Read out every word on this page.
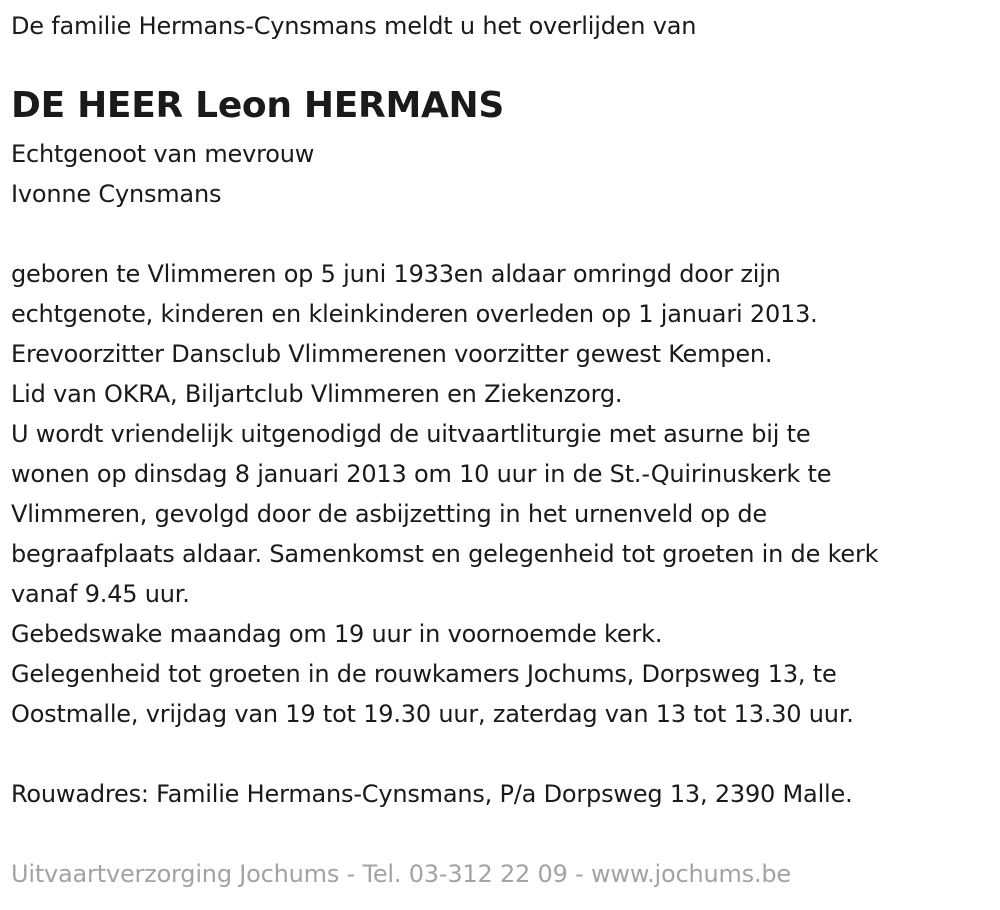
De familie Hermans-Cynsmans meldt u het overlijden van
DE HEER Leon HERMANS
Echtgenoot van mevrouw
Ivonne Cynsmans
geboren te Vlimmeren op 5 juni 1933en aldaar omringd door zijn
echtgenote, kinderen en kleinkinderen overleden op 1 januari 2013.
Erevoorzitter Dansclub Vlimmerenen voorzitter gewest Kempen.
Lid van OKRA, Biljartclub Vlimmeren en Ziekenzorg.
U wordt vriendelijk uitgenodigd de uitvaartliturgie met asurne bij te
wonen op dinsdag 8 januari 2013 om 10 uur in de St.-Quirinuskerk te
Vlimmeren, gevolgd door de asbijzetting in het urnenveld op de
begraafplaats aldaar. Samenkomst en gelegenheid tot groeten in de kerk
vanaf 9.45 uur.
Gebedswake maandag om 19 uur in voornoemde kerk.
Gelegenheid tot groeten in de rouwkamers Jochums, Dorpsweg 13, te
Oostmalle, vrijdag van 19 tot 19.30 uur, zaterdag van 13 tot 13.30 uur.
Rouwadres: Familie Hermans-Cynsmans, P/a Dorpsweg 13, 2390 Malle.
Uitvaartverzorging Jochums - Tel. 03-312 22 09 - www.jochums.be
